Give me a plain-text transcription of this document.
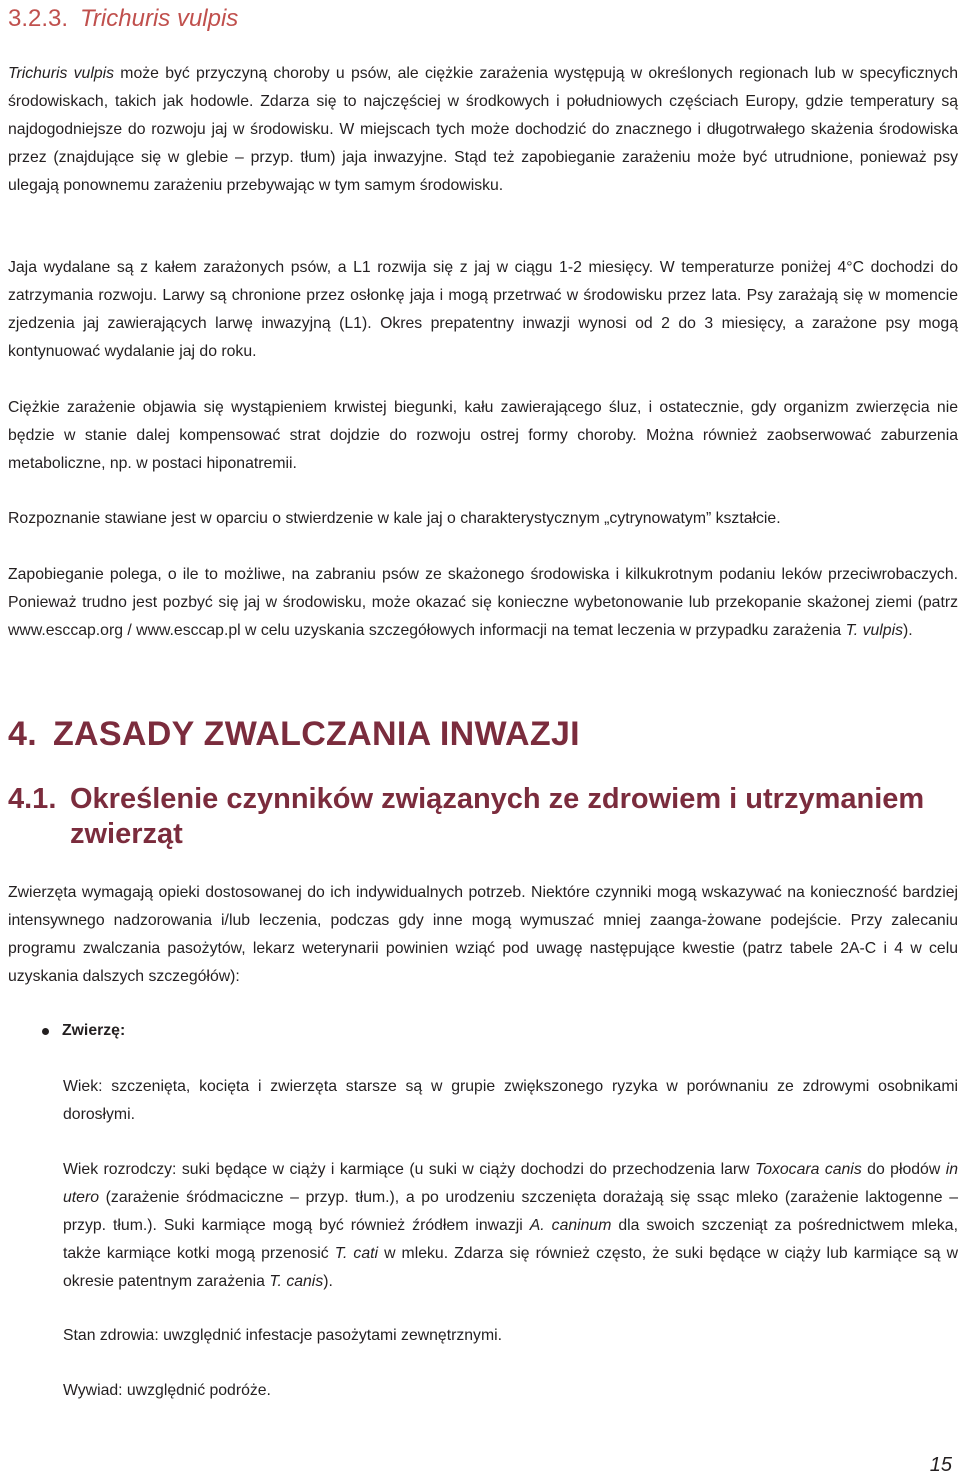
3.2.3. Trichuris vulpis
Trichuris vulpis może być przyczyną choroby u psów, ale ciężkie zarażenia występują w określonych regionach lub w specyficznych środowiskach, takich jak hodowle. Zdarza się to najczęściej w środkowych i południowych częściach Europy, gdzie temperatury są najdogodniejsze do rozwoju jaj w środowisku. W miejscach tych może dochodzić do znacznego i długotrwałego skażenia środowiska przez (znajdujące się w glebie – przyp. tłum) jaja inwazyjne. Stąd też zapobieganie zarażeniu może być utrudnione, ponieważ psy ulegają ponownemu zarażeniu przebywając w tym samym środowisku.
Jaja wydalane są z kałem zarażonych psów, a L1 rozwija się z jaj w ciągu 1-2 miesięcy. W temperaturze poniżej 4°C dochodzi do zatrzymania rozwoju. Larwy są chronione przez osłonkę jaja i mogą przetrwać w środowisku przez lata. Psy zarażają się w momencie zjedzenia jaj zawierających larwę inwazyjną (L1). Okres prepatentny inwazji wynosi od 2 do 3 miesięcy, a zarażone psy mogą kontynuować wydalanie jaj do roku.
Ciężkie zarażenie objawia się wystąpieniem krwistej biegunki, kału zawierającego śluz, i ostatecznie, gdy organizm zwierzęcia nie będzie w stanie dalej kompensować strat dojdzie do rozwoju ostrej formy choroby. Można również zaobserwować zaburzenia metaboliczne, np. w postaci hiponatremii.
Rozpoznanie stawiane jest w oparciu o stwierdzenie w kale jaj o charakterystycznym „cytrynowatym” kształcie.
Zapobieganie polega, o ile to możliwe, na zabraniu psów ze skażonego środowiska i kilkukrotnym podaniu leków przeciwrobaczych. Ponieważ trudno jest pozbyć się jaj w środowisku, może okazać się konieczne wybetonowanie lub przekopanie skażonej ziemi (patrz www.esccap.org / www.esccap.pl w celu uzyskania szczegółowych informacji na temat leczenia w przypadku zarażenia T. vulpis).
4. ZASADY ZWALCZANIA INWAZJI
4.1. Określenie czynników związanych ze zdrowiem i utrzymaniem zwierząt
Zwierzęta wymagają opieki dostosowanej do ich indywidualnych potrzeb. Niektóre czynniki mogą wskazywać na konieczność bardziej intensywnego nadzorowania i/lub leczenia, podczas gdy inne mogą wymuszać mniej zaanga-żowane podejście. Przy zalecaniu programu zwalczania pasożytów, lekarz weterynarii powinien wziąć pod uwagę następujące kwestie (patrz tabele 2A-C i 4 w celu uzyskania dalszych szczegółów):
Zwierzę:
Wiek: szczenięta, kocięta i zwierzęta starsze są w grupie zwiększonego ryzyka w porównaniu ze zdrowymi osobnikami dorosłymi.
Wiek rozrodczy: suki będące w ciąży i karmiące (u suki w ciąży dochodzi do przechodzenia larw Toxocara canis do płodów in utero (zarażenie śródmaciczne – przyp. tłum.), a po urodzeniu szczenięta dorażają się ssąc mleko (zarażenie laktogenne – przyp. tłum.). Suki karmiące mogą być również źródłem inwazji A. caninum dla swoich szczeniąt za pośrednictwem mleka, także karmiące kotki mogą przenosić T. cati w mleku. Zdarza się również często, że suki będące w ciąży lub karmiące są w okresie patentnym zarażenia T. canis).
Stan zdrowia: uwzględnić infestacje pasożytami zewnętrznymi.
Wywiad: uwzględnić podróże.
15
